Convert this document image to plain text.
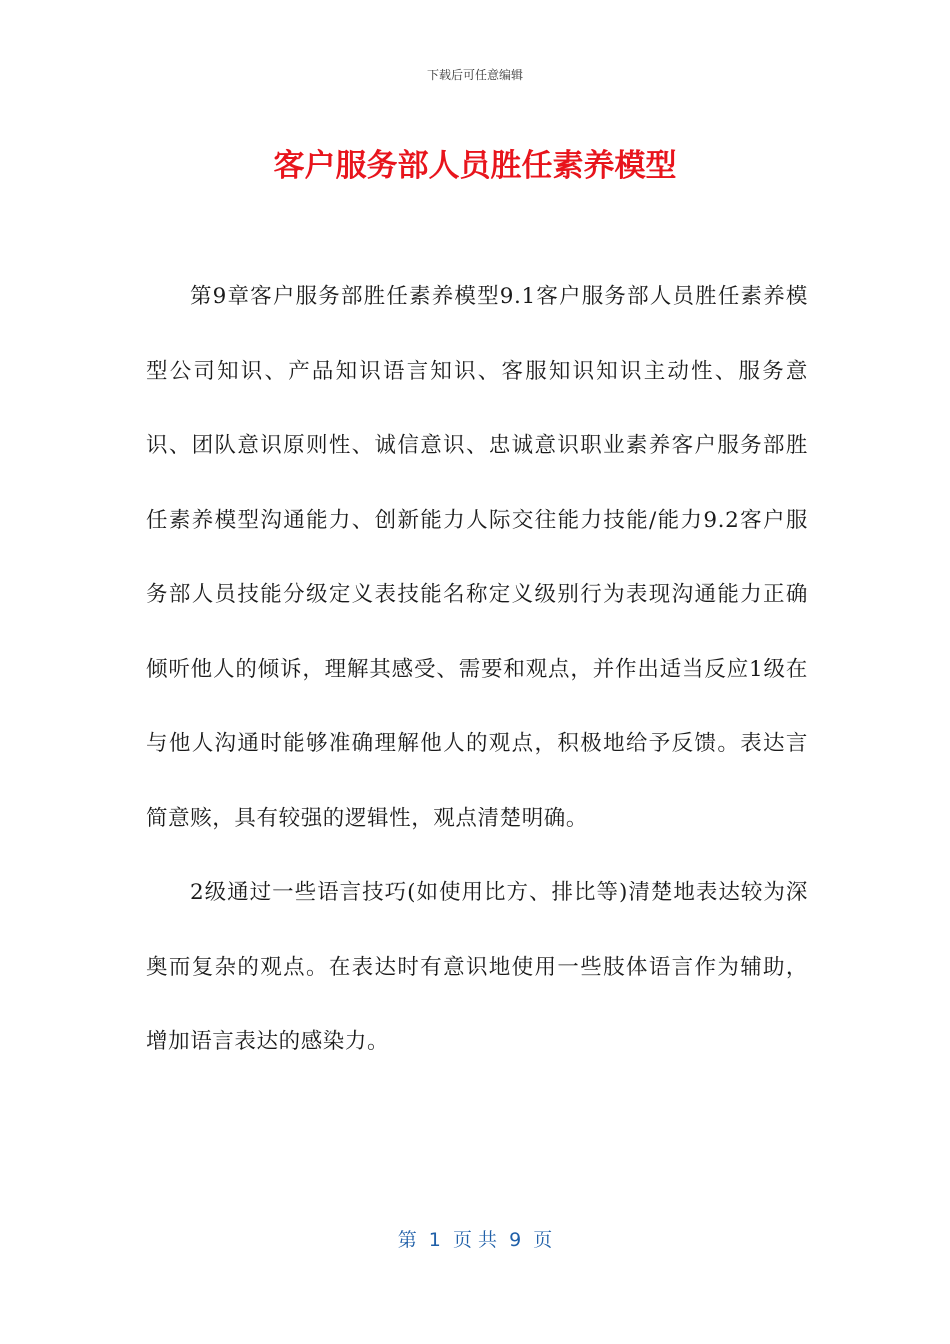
下载后可任意编辑
客户服务部人员胜任素养模型

第9章客户服务部胜任素养模型9.1客户服务部人员胜任素养模型公司知识、产品知识语言知识、客服知识知识主动性、服务意识、团队意识原则性、诚信意识、忠诚意识职业素养客户服务部胜任素养模型沟通能力、创新能力人际交往能力技能/能力9.2客户服务部人员技能分级定义表技能名称定义级别行为表现沟通能力正确倾听他人的倾诉，理解其感受、需要和观点，并作出适当反应1级在与他人沟通时能够准确理解他人的观点，积极地给予反馈。表达言简意赅，具有较强的逻辑性，观点清楚明确。

2级通过一些语言技巧(如使用比方、排比等)清楚地表达较为深奥而复杂的观点。在表达时有意识地使用一些肢体语言作为辅助，增加语言表达的感染力。

第  1  页 共  9  页
